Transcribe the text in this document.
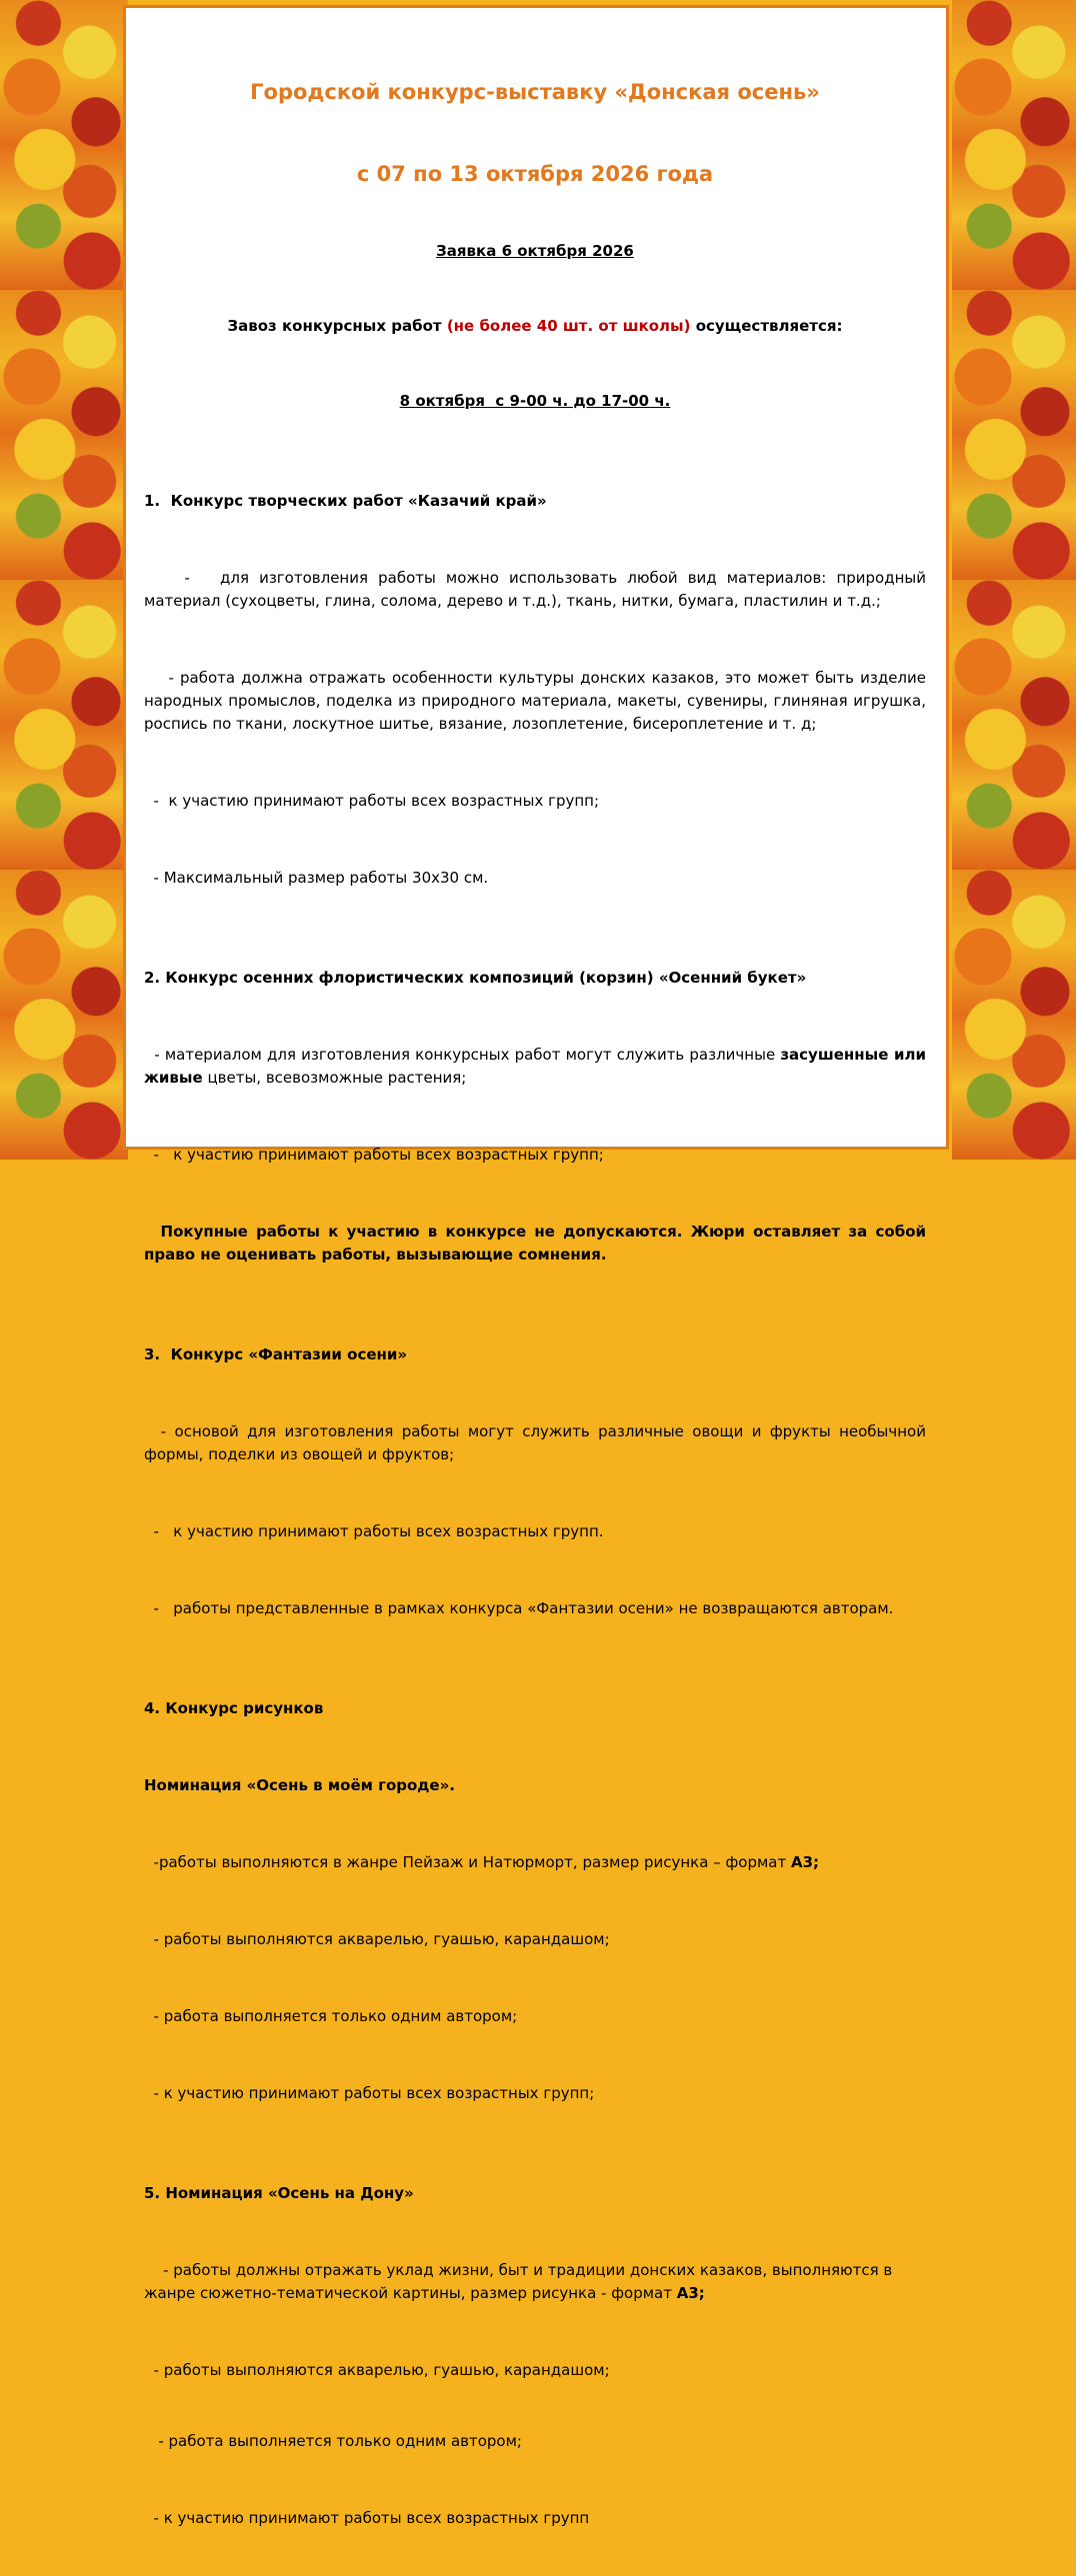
Городской конкурс-выставку «Донская осень»

с 07 по 13 октября 2026 года

Заявка 6 октября 2026

Завоз конкурсных работ (не более 40 шт. от школы) осуществляется:

8 октября  с 9-00 ч. до 17-00 ч.

1.  Конкурс творческих работ «Казачий край»

-   для изготовления работы можно использовать любой вид материалов: природный материал (сухоцветы, глина, солома, дерево и т.д.), ткань, нитки, бумага, пластилин и т.д.;

- работа должна отражать особенности культуры донских казаков, это может быть изделие народных промыслов, поделка из природного материала, макеты, сувениры, глиняная игрушка, роспись по ткани, лоскутное шитье, вязание, лозоплетение, бисероплетение и т. д;

-  к участию принимают работы всех возрастных групп;

- Максимальный размер работы 30х30 см.

2. Конкурс осенних флористических композиций (корзин) «Осенний букет»

- материалом для изготовления конкурсных работ могут служить различные засушенные или живые цветы, всевозможные растения;

-   к участию принимают работы всех возрастных групп;

Покупные работы к участию в конкурсе не допускаются. Жюри оставляет за собой право не оценивать работы, вызывающие сомнения.

3.  Конкурс «Фантазии осени»

- основой для изготовления работы могут служить различные овощи и фрукты необычной формы, поделки из овощей и фруктов;

-   к участию принимают работы всех возрастных групп.

-   работы представленные в рамках конкурса «Фантазии осени» не возвращаются авторам.

4. Конкурс рисунков

Номинация «Осень в моём городе».

-работы выполняются в жанре Пейзаж и Натюрморт, размер рисунка – формат А3;

- работы выполняются акварелью, гуашью, карандашом;

- работа выполняется только одним автором;

- к участию принимают работы всех возрастных групп;

5. Номинация «Осень на Дону»

- работы должны отражать уклад жизни, быт и традиции донских казаков, выполняются в жанре сюжетно-тематической картины, размер рисунка - формат А3;

- работы выполняются акварелью, гуашью, карандашом;

- работа выполняется только одним автором;

- к участию принимают работы всех возрастных групп
